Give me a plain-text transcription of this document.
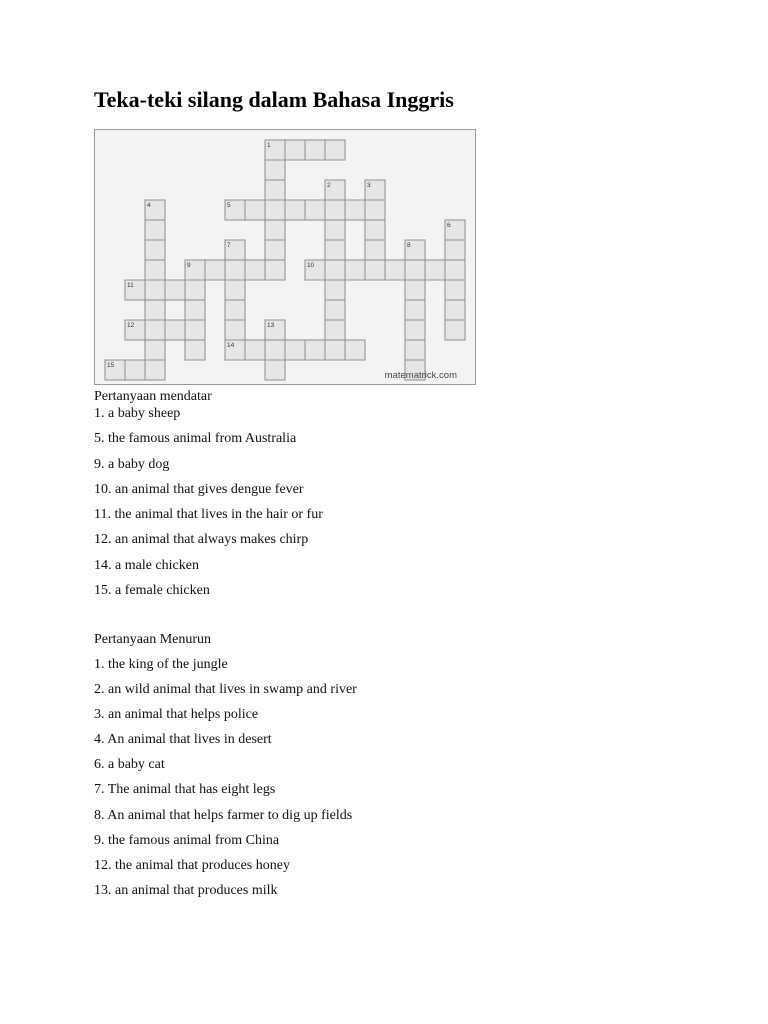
Teka-teki silang dalam Bahasa Inggris
1
2	3
4	5
6
7	8
9	10
11
12	13
14
15
matematrick.com

Pertanyaan mendatar

1. a baby sheep
5. the famous animal from Australia
9. a baby dog
10. an animal that gives dengue fever
11. the animal that lives in the hair or fur
12. an animal that always makes chirp
14. a male chicken
15. a female chicken

Pertanyaan Menurun

1. the king of the jungle
2. an wild animal that lives in swamp and river
3. an animal that helps police
4. An animal that lives in desert
6. a baby cat
7. The animal that has eight legs
8. An animal that helps farmer to dig up fields
9. the famous animal from China
12. the animal that produces honey
13. an animal that produces milk
